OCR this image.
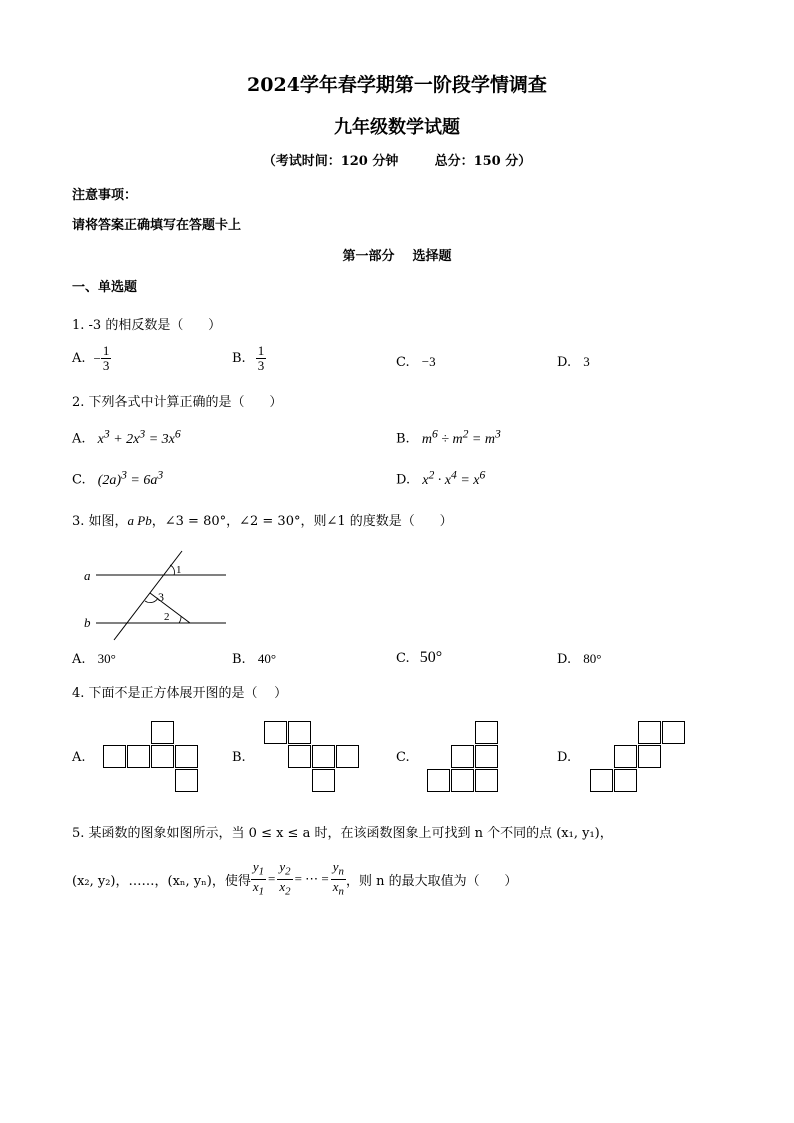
2024学年春学期第一阶段学情调查
九年级数学试题
（考试时间：120 分钟        总分：150 分）
注意事项：
请将答案正确填写在答题卡上
第一部分    选择题
一、单选题
1. -3 的相反数是（      ）
A. − $\frac{1}{3}$	B. $\frac{1}{3}$	C. −3	D. 3
2. 下列各式中计算正确的是（      ）
A. $x^3 + 2x^3 = 3x^6$	B. $m^6 \div m^2 = m^3$
C. $(2a)^3 = 6a^3$	D. $x^2 \cdot x^4 = x^6$
3. 如图，a Pb，∠3 = 80°，∠2 = 30°，则∠1 的度数是（      ）
a
b
1
3
2
A. 30°	B. 40°	C. 50°	D. 80°
4. 下面不是正方体展开图的是（    ）
A.	B.	C.	D.
5. 某函数的图象如图所示，当 0 ≤ x ≤ a 时，在该函数图象上可找到 n 个不同的点 (x₁, y₁)，
(x₂, y₂)，……，(xₙ, yₙ)，使得 $\frac{y_1}{x_1} = \frac{y_2}{x_2}$ = ⋯ = $\frac{y_n}{x_n}$ ，则 n 的最大取值为（      ）
